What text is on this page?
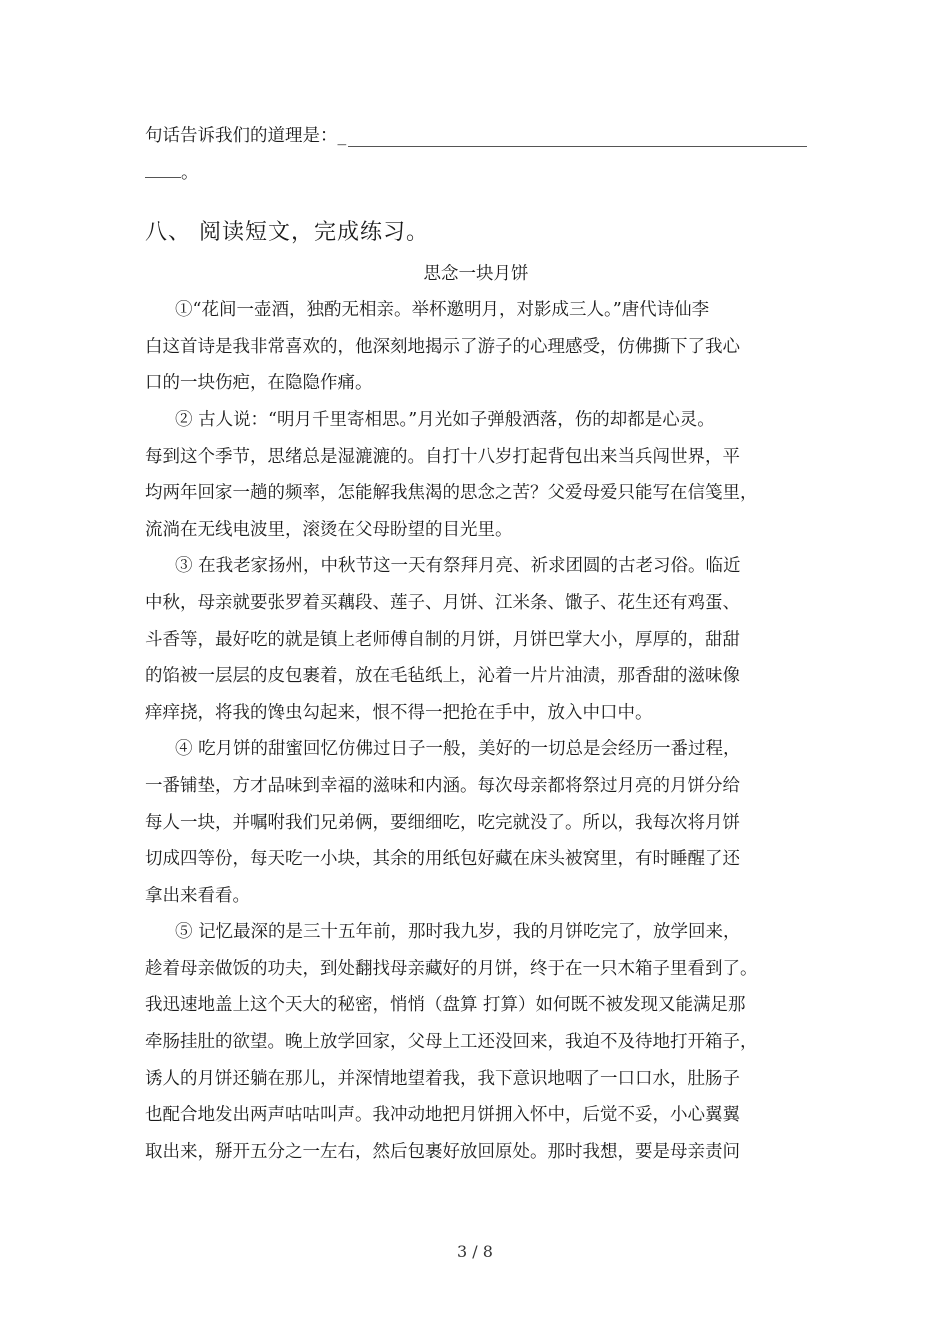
句话告诉我们的道理是： _
。
八、 阅读短文，完成练习。
思念一块月饼
①“花间一壶酒，独酌无相亲。举杯邀明月，对影成三人。”唐代诗仙李
白这首诗是我非常喜欢的，他深刻地揭示了游子的心理感受，仿佛撕下了我心
口的一块伤疤，在隐隐作痛。
② 古人说：“明月千里寄相思。”月光如子弹般洒落，伤的却都是心灵。
每到这个季节，思绪总是湿漉漉的。自打十八岁打起背包出来当兵闯世界，平
均两年回家一趟的频率，怎能解我焦渴的思念之苦？父爱母爱只能写在信笺里，
流淌在无线电波里，滚烫在父母盼望的目光里。
③ 在我老家扬州，中秋节这一天有祭拜月亮、祈求团圆的古老习俗。临近
中秋，母亲就要张罗着买藕段、莲子、月饼、江米条、馓子、花生还有鸡蛋、
斗香等，最好吃的就是镇上老师傅自制的月饼，月饼巴掌大小，厚厚的，甜甜
的馅被一层层的皮包裹着，放在毛毡纸上，沁着一片片油渍，那香甜的滋味像
痒痒挠，将我的馋虫勾起来，恨不得一把抢在手中，放入中口中。
④ 吃月饼的甜蜜回忆仿佛过日子一般，美好的一切总是会经历一番过程，
一番铺垫，方才品味到幸福的滋味和内涵。每次母亲都将祭过月亮的月饼分给
每人一块，并嘱咐我们兄弟俩，要细细吃，吃完就没了。所以，我每次将月饼
切成四等份，每天吃一小块，其余的用纸包好藏在床头被窝里，有时睡醒了还
拿出来看看。
⑤ 记忆最深的是三十五年前，那时我九岁，我的月饼吃完了，放学回来，
趁着母亲做饭的功夫，到处翻找母亲藏好的月饼，终于在一只木箱子里看到了。
我迅速地盖上这个天大的秘密，悄悄（盘算 打算）如何既不被发现又能满足那
牵肠挂肚的欲望。晚上放学回家，父母上工还没回来，我迫不及待地打开箱子，
诱人的月饼还躺在那儿，并深情地望着我，我下意识地咽了一口口水，肚肠子
也配合地发出两声咕咕叫声。我冲动地把月饼拥入怀中，后觉不妥，小心翼翼
取出来，掰开五分之一左右，然后包裹好放回原处。那时我想，要是母亲责问
3 / 8
